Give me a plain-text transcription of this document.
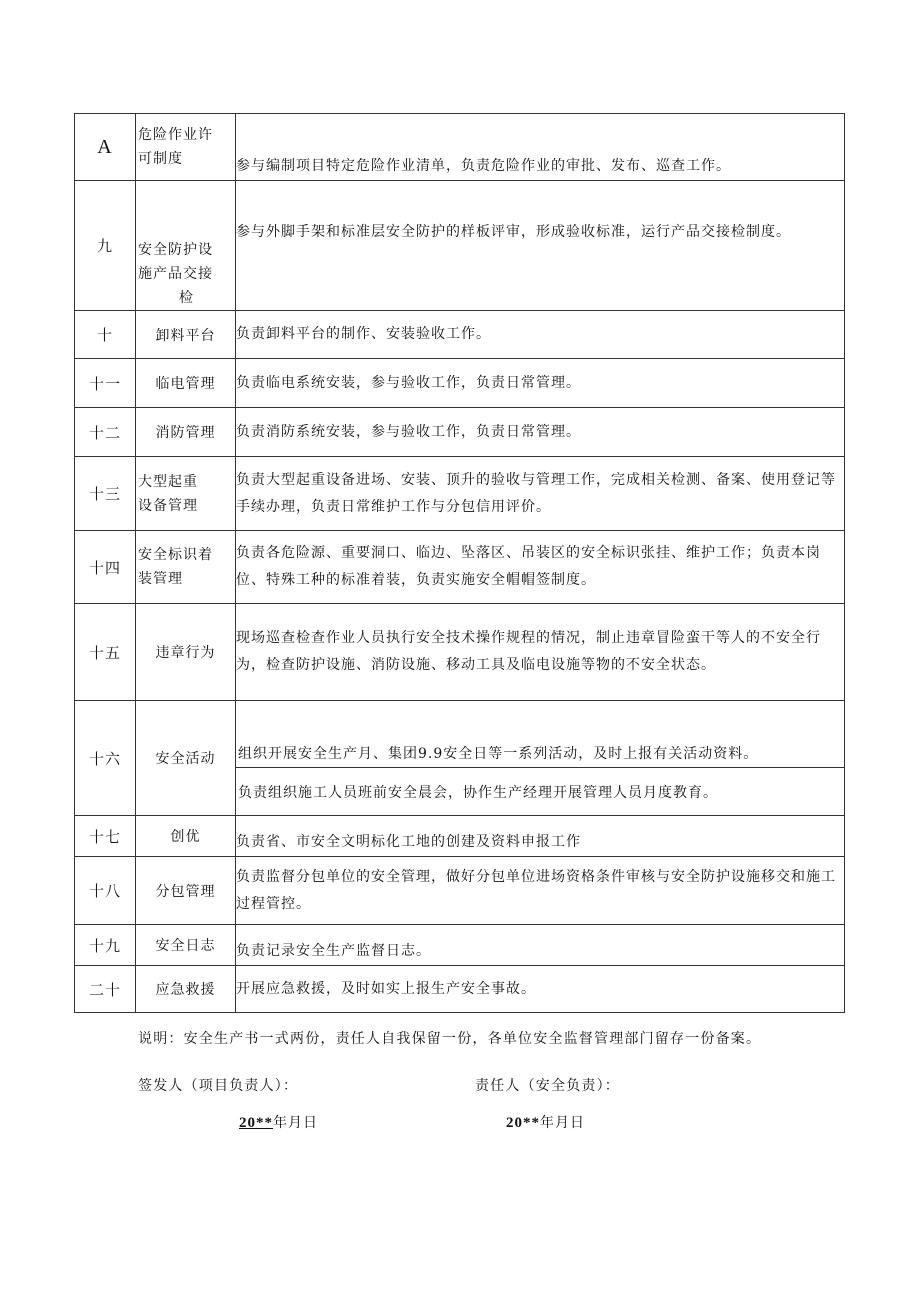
A	危险作业许
可制度	参与编制项目特定危险作业清单，负责危险作业的审批、发布、巡查工作。
九	安全防护设
施产品交接
检	参与外脚手架和标准层安全防护的样板评审，形成验收标准，运行产品交接检制度。
十	卸料平台	负责卸料平台的制作、安装验收工作。
十一	临电管理	负责临电系统安装，参与验收工作，负责日常管理。
十二	消防管理	负责消防系统安装，参与验收工作，负责日常管理。
十三	大型起重
设备管理	负责大型起重设备进场、安装、顶升的验收与管理工作，完成相关检测、备案、使用登记等手续办理，负责日常维护工作与分包信用评价。
十四	安全标识着
装管理	负责各危险源、重要洞口、临边、坠落区、吊装区的安全标识张挂、维护工作；负责本岗位、特殊工种的标准着装，负责实施安全帽帽签制度。
十五	违章行为	现场巡查检查作业人员执行安全技术操作规程的情况，制止违章冒险蛮干等人的不安全行为，检查防护设施、消防设施、移动工具及临电设施等物的不安全状态。
十六	安全活动	组织开展安全生产月、集团9.9安全日等一系列活动，及时上报有关活动资料。
负责组织施工人员班前安全晨会，协作生产经理开展管理人员月度教育。

十七	创优	负责省、市安全文明标化工地的创建及资料申报工作
十八	分包管理	负责监督分包单位的安全管理，做好分包单位进场资格条件审核与安全防护设施移交和施工过程管控。
十九	安全日志	负责记录安全生产监督日志。
二十	应急救援	开展应急救援，及时如实上报生产安全事故。
说明：安全生产书一式两份，责任人自我保留一份，各单位安全监督管理部门留存一份备案。
签发人（项目负责人）：	责任人（安全负责）：
20**年月日	20**年月日
